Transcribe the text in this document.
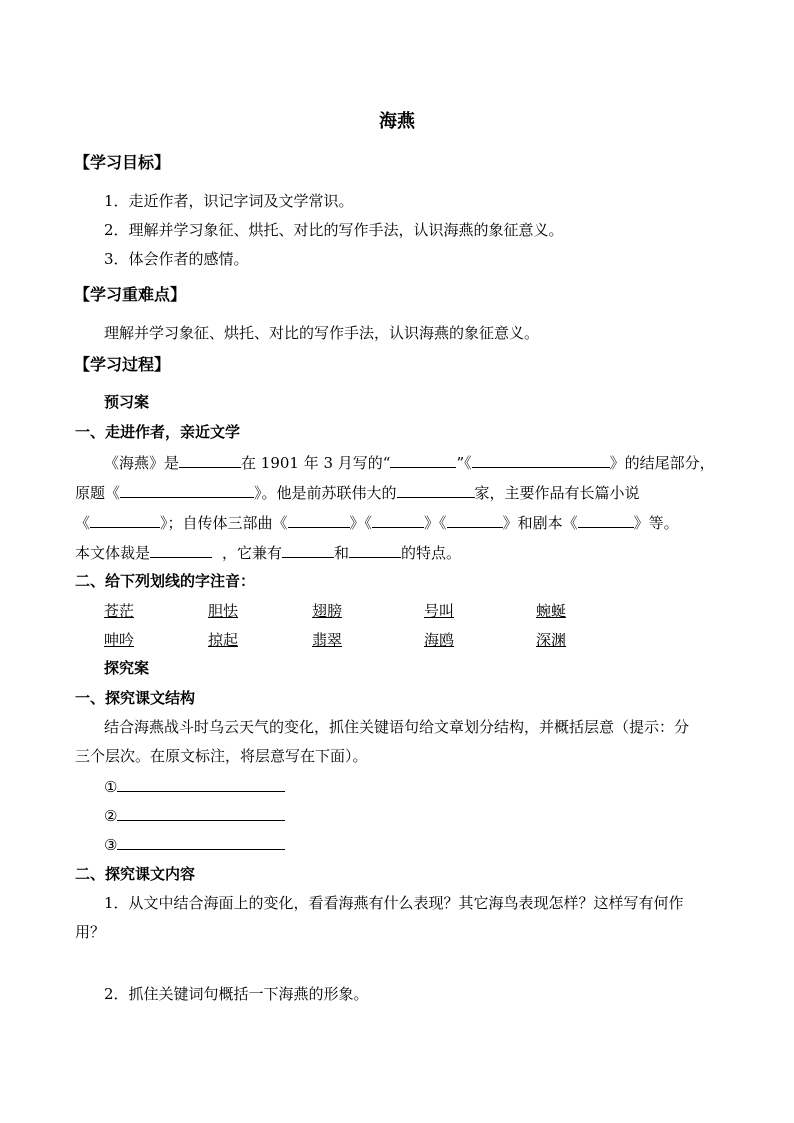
海燕
【学习目标】
1．走近作者，识记字词及文学常识。
2．理解并学习象征、烘托、对比的写作手法，认识海燕的象征意义。
3．体会作者的感情。
【学习重难点】
理解并学习象征、烘托、对比的写作手法，认识海燕的象征意义。
【学习过程】
预习案
一、走进作者，亲近文学
《海燕》是	在 1901 年 3 月写的“	”《	》的结尾部分，
原题《	》。他是前苏联伟大的	家，主要作品有长篇小说
《	》；自传体三部曲《	》《	》《	》和剧本《	》等。
本文体裁是	，它兼有	和	的特点。
二、给下列划线的字注音：
苍茫	胆怯	翅膀	号叫	蜿蜒
呻吟	掠起	翡翠	海鸥	深渊
探究案
一、探究课文结构
结合海燕战斗时乌云天气的变化，抓住关键语句给文章划分结构，并概括层意（提示：分
三个层次。在原文标注，将层意写在下面）。
①
②
③
二、探究课文内容
1．从文中结合海面上的变化，看看海燕有什么表现？其它海鸟表现怎样？这样写有何作
用？
2．抓住关键词句概括一下海燕的形象。
